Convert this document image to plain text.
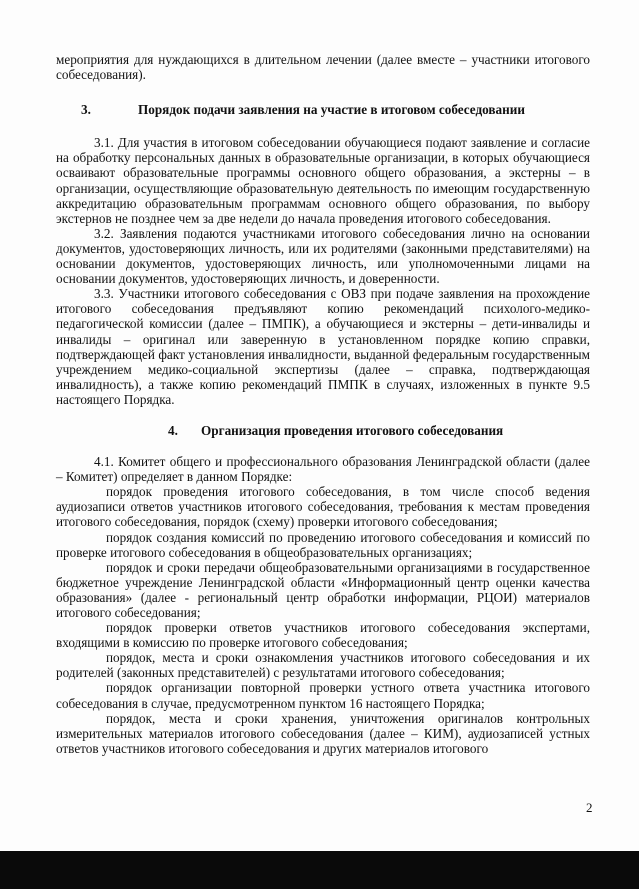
мероприятия для нуждающихся в длительном лечении (далее вместе – участники итогового собеседования).

3.	Порядок подачи заявления на участие в итоговом собеседовании

3.1. Для участия в итоговом собеседовании обучающиеся подают заявление и согласие на обработку персональных данных в образовательные организации, в которых обучающиеся осваивают образовательные программы основного общего образования, а экстерны – в организации, осуществляющие образовательную деятельность по имеющим государственную аккредитацию образовательным программам основного общего образования, по выбору экстернов не позднее чем за две недели до начала проведения итогового собеседования.

3.2. Заявления подаются участниками итогового собеседования лично на основании документов, удостоверяющих личность, или их родителями (законными представителями) на основании документов, удостоверяющих личность, или уполномоченными лицами на основании документов, удостоверяющих личность, и доверенности.

3.3. Участники итогового собеседования с ОВЗ при подаче заявления на прохождение итогового собеседования предъявляют копию рекомендаций психолого-медико-педагогической комиссии (далее – ПМПК), а обучающиеся и экстерны – дети-инвалиды и инвалиды – оригинал или заверенную в установленном порядке копию справки, подтверждающей факт установления инвалидности, выданной федеральным государственным учреждением медико-социальной экспертизы (далее – справка, подтверждающая инвалидность), а также копию рекомендаций ПМПК в случаях, изложенных в пункте 9.5 настоящего Порядка.

4. Организация проведения итогового собеседования

4.1. Комитет общего и профессионального образования Ленинградской области (далее – Комитет) определяет в данном Порядке:

порядок проведения итогового собеседования, в том числе способ ведения аудиозаписи ответов участников итогового собеседования, требования к местам проведения итогового собеседования, порядок (схему) проверки итогового собеседования;

порядок создания комиссий по проведению итогового собеседования и комиссий по проверке итогового собеседования в общеобразовательных организациях;

порядок и сроки передачи общеобразовательными организациями в государственное бюджетное учреждение Ленинградской области «Информационный центр оценки качества образования» (далее - региональный центр обработки информации, РЦОИ) материалов итогового собеседования;

порядок проверки ответов участников итогового собеседования экспертами, входящими в комиссию по проверке итогового собеседования;

порядок, места и сроки ознакомления участников итогового собеседования и их родителей (законных представителей) с результатами итогового собеседования;

порядок организации повторной проверки устного ответа участника итогового собеседования в случае, предусмотренном пунктом 16 настоящего Порядка;

порядок, места и сроки хранения, уничтожения оригиналов контрольных измерительных материалов итогового собеседования (далее – КИМ), аудиозаписей устных ответов участников итогового собеседования и других материалов итогового

2
